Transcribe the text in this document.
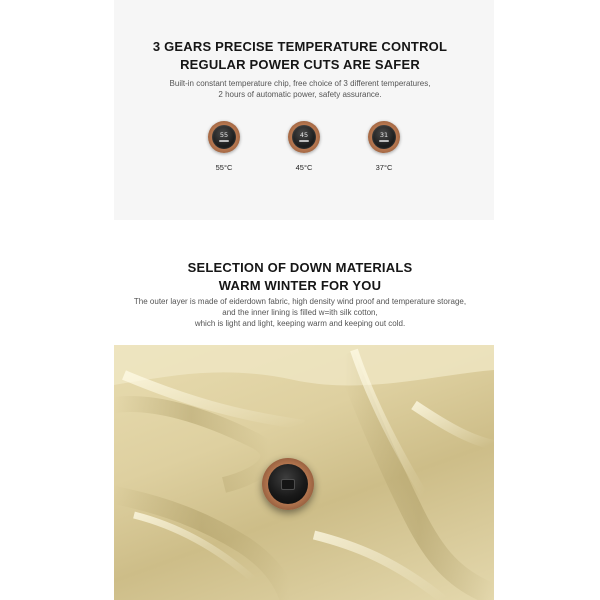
3 GEARS PRECISE TEMPERATURE CONTROL
REGULAR POWER CUTS ARE SAFER
Built-in constant temperature chip, free choice of 3 different temperatures,
2 hours of automatic power, safety assurance.
55
55°C
45
45°C
31
37°C
SELECTION OF DOWN MATERIALS
WARM WINTER FOR YOU
The outer layer is made of eiderdown fabric, high density wind proof and temperature storage,
and the inner lining is filled w=ith silk cotton,
which is light and light, keeping warm and keeping out cold.
